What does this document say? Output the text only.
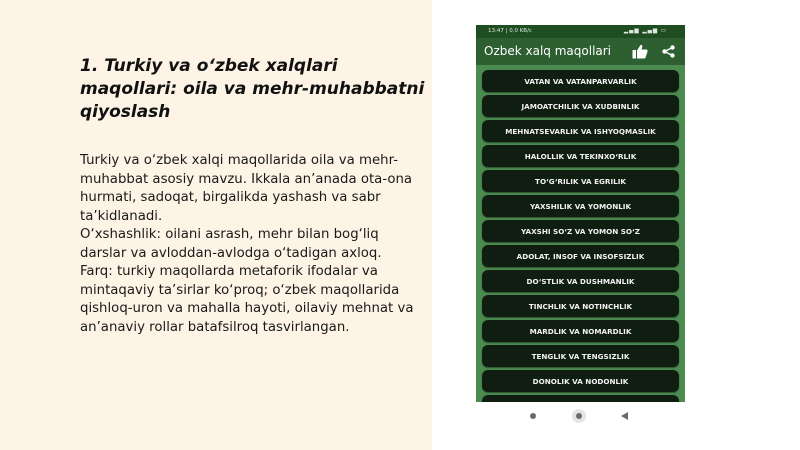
1. Turkiy va o‘zbek xalqlari maqollari: oila va mehr-muhabbatni qiyoslash

Turkiy va o‘zbek xalqi maqollarida oila va mehr-muhabbat asosiy mavzu. Ikkala an’anada ota-ona hurmati, sadoqat, birgalikda yashash va sabr ta’kidlanadi.

O‘xshashlik: oilani asrash, mehr bilan bog‘liq darslar va avloddan-avlodga o‘tadigan axloq.

Farq: turkiy maqollarda metaforik ifodalar va mintaqaviy ta’sirlar ko‘proq; o‘zbek maqollarida qishloq-uron va mahalla hayoti, oilaviy mehnat va an’anaviy rollar batafsilroq tasvirlangan.

13:47 | 0,0 KB/c	▂▄▆ ▂▄▆ ▭
Ozbek xalq maqollari
VATAN VA VATANPARVARLIK
JAMOATCHILIK VA XUDBINLIK
MEHNATSEVARLIK VA ISHYOQMASLIK
HALOLLIK VA TEKINXO‘RLIK
TO‘G‘RILIK VA EGRILIK
YAXSHILIK VA YOMONLIK
YAXSHI SO‘Z VA YOMON SO‘Z
ADOLAT, INSOF VA INSOFSIZLIK
DO‘STLIK VA DUSHMANLIK
TINCHLIK VA NOTINCHLIK
MARDLIK VA NOMARDLIK
TENGLIK VA TENGSIZLIK
DONOLIK VA NODONLIK
